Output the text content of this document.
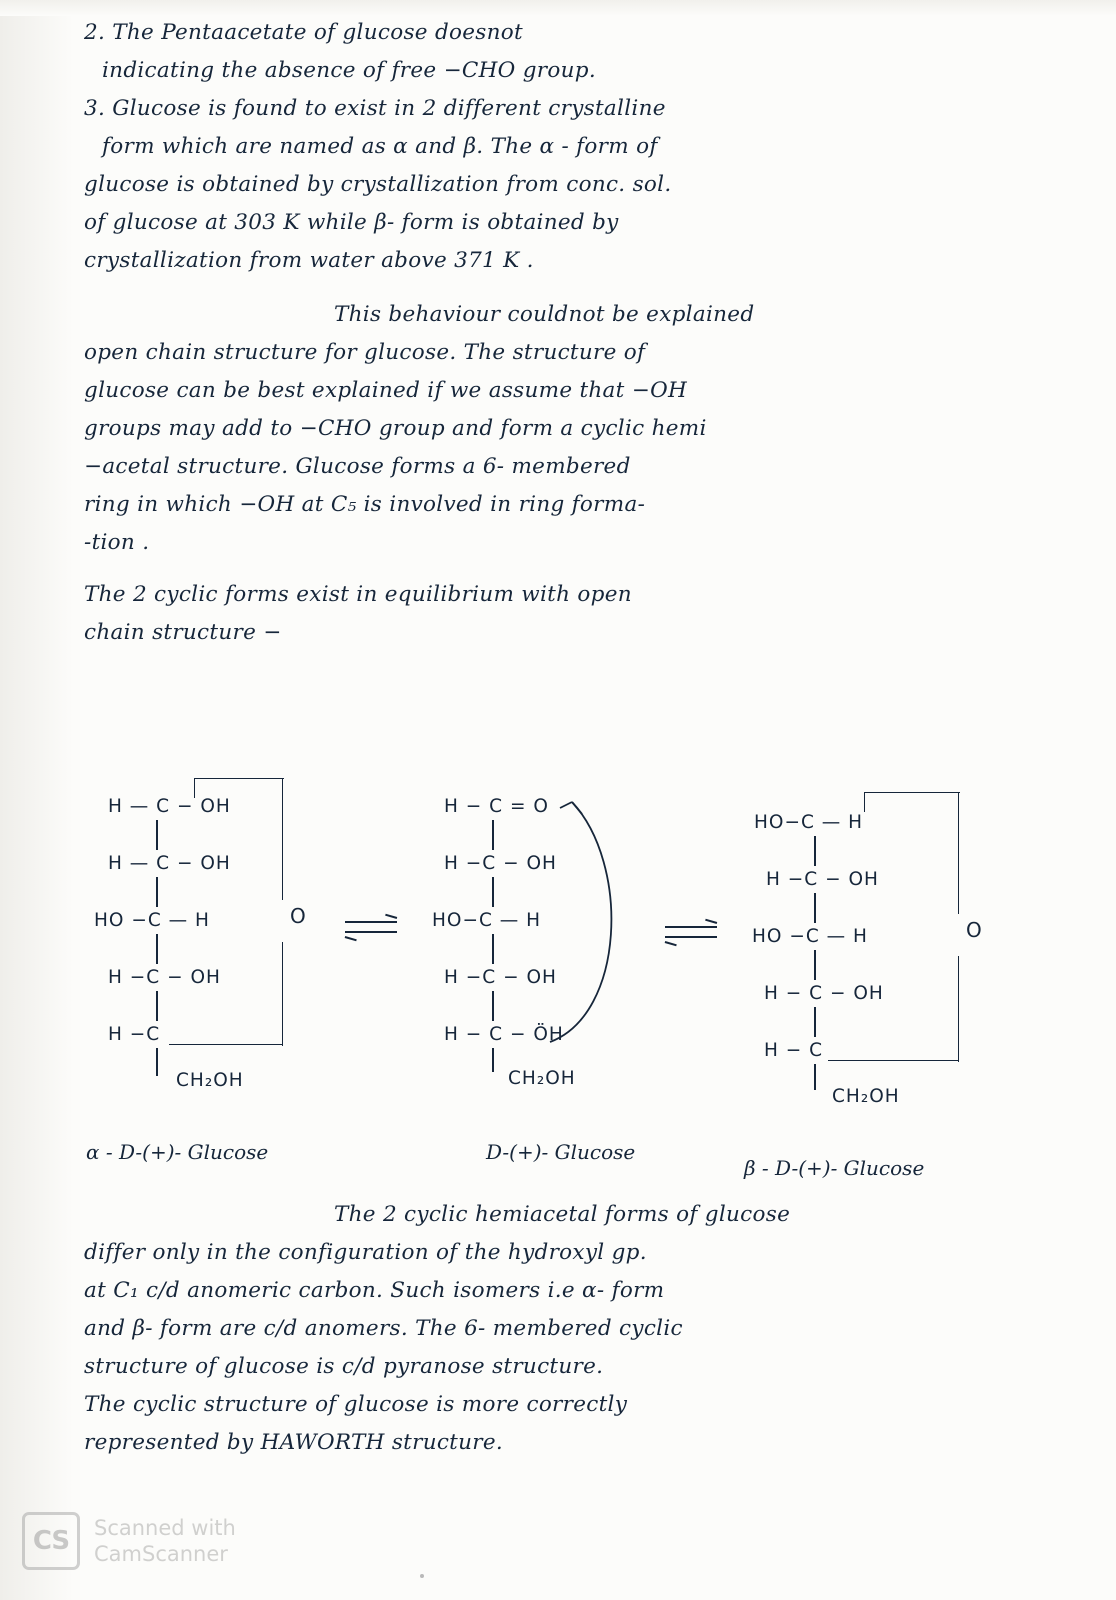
2. The Pentaacetate of glucose doesnot
indicating the absence of free −CHO group.
3. Glucose is found to exist in 2 different crystalline
form which are named as α and β. The α - form of
glucose is obtained by crystallization from conc. sol.
of glucose at 303 K while β- form is obtained by
crystallization from water above 371 K .

This behaviour couldnot be explained
open chain structure for glucose. The structure of
glucose can be best explained if we assume that −OH
groups may add to −CHO group and form a cyclic hemi
−acetal structure. Glucose forms a 6- membered
ring in which −OH at C₅ is involved in ring forma-
-tion .

The 2 cyclic forms exist in equilibrium with open
chain structure −
H — C − OH
H — C − OH
HO −C — H
H −C − OH
H −C
O
CH₂OH
α - D-(+)- Glucose
H − C = O
H −C − OH
HO−C — H
H −C − OH
H − C − ÖH
CH₂OH
D-(+)- Glucose
HO−C — H
H −C − OH
HO −C — H
H − C − OH
H − C
O
CH₂OH
β - D-(+)- Glucose
The 2 cyclic hemiacetal forms of glucose
differ only in the configuration of the hydroxyl gp.
at C₁ c/d anomeric carbon. Such isomers i.e α- form
and β- form are c/d anomers. The 6- membered cyclic
structure of glucose is c/d pyranose structure.
The cyclic structure of glucose is more correctly
represented by HAWORTH structure.
CS	Scanned with
CamScanner
